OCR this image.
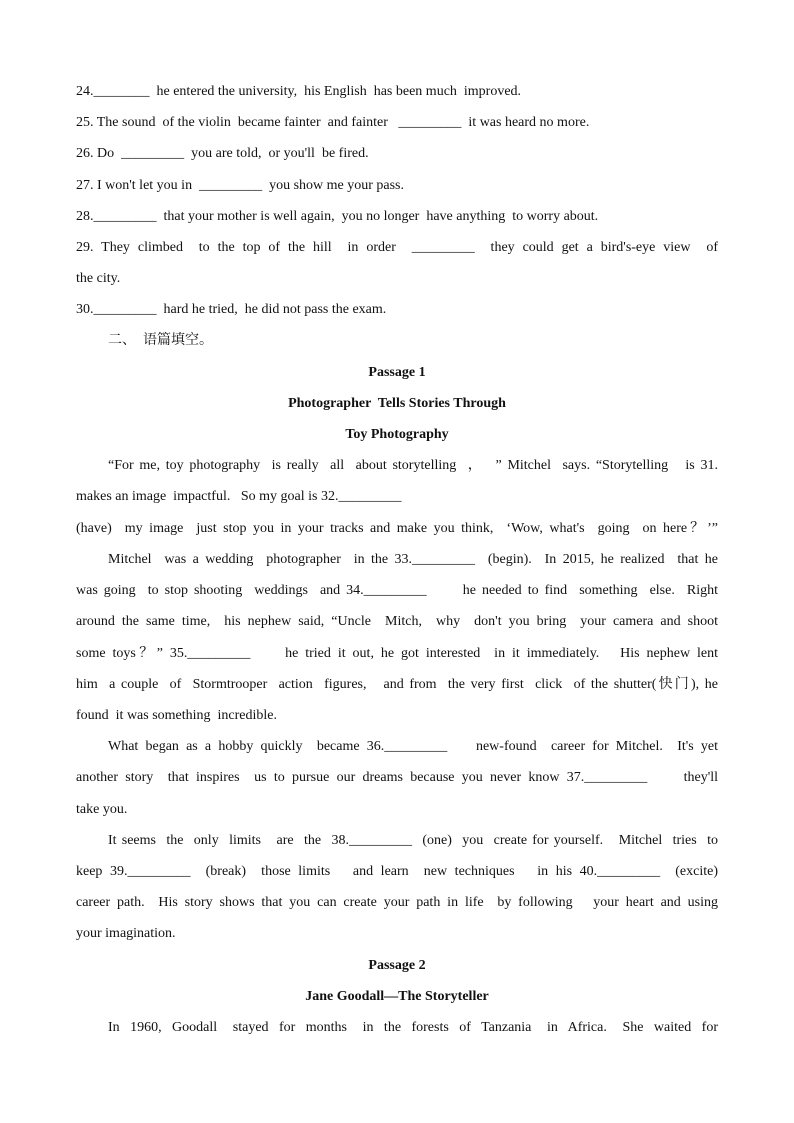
24.________  he entered the university,  his English  has been much  improved.
25. The sound  of the violin  became fainter  and fainter   _________  it was heard no more.
26. Do  _________  you are told,  or you'll  be fired.
27. I won't let you in  _________  you show me your pass.
28._________  that your mother is well again,  you no longer  have anything  to worry about.
29. They climbed  to the top of the hill  in order  _________  they could get a bird's-eye view  of
the city.
30._________  hard he tried,  he did not pass the exam.
二、  语篇填空。
Passage 1
Photographer  Tells Stories Through
Toy Photography
“For me, toy photography  is really  all  about storytelling  ，  ” Mitchel  says. “Storytelling   is 31.
makes an image  impactful.   So my goal is 32._________
(have)  my image  just stop you in your tracks and make you think,  ‘Wow, what's  going  on here？’”
Mitchel  was a wedding  photographer  in the 33._________  (begin).  In 2015, he realized  that he
was going  to stop shooting  weddings  and 34._________      he needed to find  something  else.  Right
around the same time,  his nephew said, “Uncle  Mitch,  why  don't you bring  your camera and shoot
some toys？” 35._________     he tried it out, he got interested  in it immediately.   His nephew lent
him  a couple  of  Stormtrooper  action  figures,   and from  the very first  click  of the shutter(快门), he
found  it was something  incredible.
What began as a hobby quickly  became 36._________    new-found  career for Mitchel.  It's yet
another story  that inspires  us to pursue our dreams because you never know 37._________     they'll
take you.
It seems  the  only  limits   are  the  38._________  (one)  you  create for yourself.   Mitchel  tries  to
keep 39._________  (break)  those limits   and learn  new techniques   in his 40._________  (excite)
career path.  His story shows that you can create your path in life  by following   your heart and using
your imagination.
Passage 2
Jane Goodall—The Storyteller
In  1960,  Goodall   stayed  for  months   in  the  forests  of  Tanzania   in  Africa.   She  waited  for
